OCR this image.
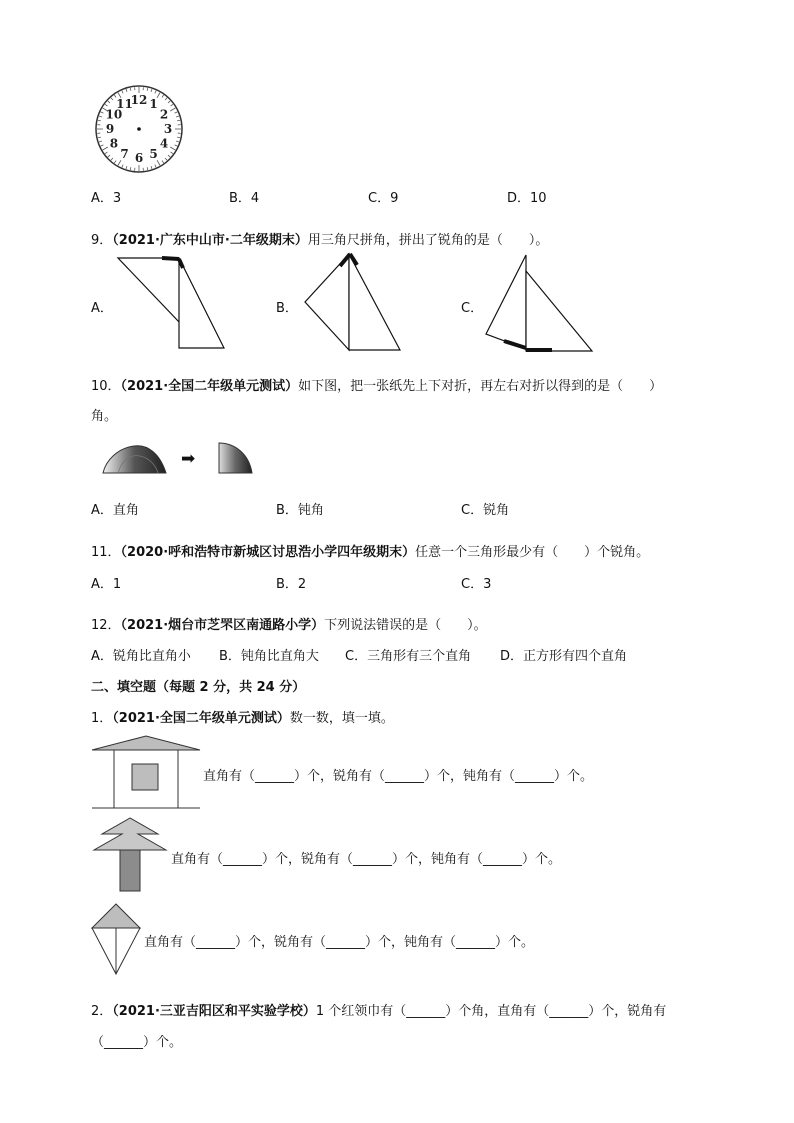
12 1
2
3
4
5
6
7
8
9
10
11
A．3	B．4	C．9	D．10
9．（2021·广东中山市·二年级期末）用三角尺拼角，拼出了锐角的是（　　）。
A．	B．	C．
10．（2021·全国二年级单元测试）如下图，把一张纸先上下对折，再左右对折以得到的是（　　）
角。
➡
A．直角	B．钝角	C．锐角
11．（2020·呼和浩特市新城区讨思浩小学四年级期末）任意一个三角形最少有（　　）个锐角。
A．1	B．2	C．3
12．（2021·烟台市芝罘区南通路小学）下列说法错误的是（　　）。
A．锐角比直角小 B．钝角比直角大 C．三角形有三个直角 D．正方形有四个直角
二、填空题（每题 2 分，共 24 分）
1．（2021·全国二年级单元测试）数一数，填一填。
直角有（______）个，锐角有（______）个，钝角有（______）个。
直角有（______）个，锐角有（______）个，钝角有（______）个。
直角有（______）个，锐角有（______）个，钝角有（______）个。
2．（2021·三亚吉阳区和平实验学校）1 个红领巾有（______）个角，直角有（______）个，锐角有
（______）个。
